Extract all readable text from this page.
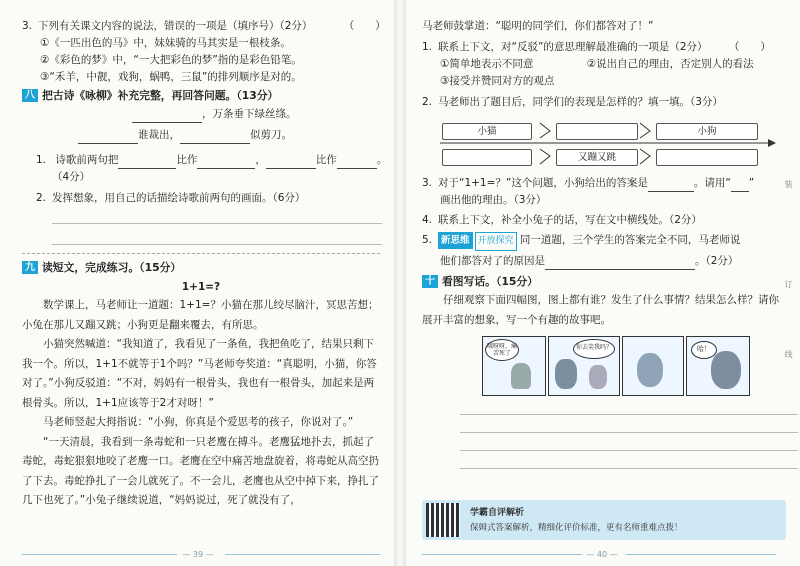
3. 下列有关课文内容的说法，错误的一项是（填序号）（2分）	（　　）
①《一匹出色的马》中，妹妹骑的马其实是一根枝条。
②《彩色的梦》中，“一大把彩色的梦”指的是彩色铅笔。
③“禾羊，中靓，戏狗，蜗鸭，三鼠”的排列顺序是对的。
八 把古诗《咏柳》补充完整，再回答问题。（13分）
，万条垂下绿丝绦。
谁裁出，	似剪刀。
1. 诗歌前两句把	比作	，	比作	。
（4分）
2. 发挥想象，用自己的话描绘诗歌前两句的画面。（6分）
九 读短文，完成练习。（15分）
1+1=?
数学课上，马老师让一道题：1+1=？小猫在那儿绞尽脑汁，冥思苦想；小兔在那儿又蹦又跳；小狗更是翻来覆去，有所思。
小猫突然喊道：“我知道了，我看见了一条鱼，我把鱼吃了，结果只剩下我一个。所以，1+1不就等于1个吗？”马老师夸奖道：“真聪明，小猫，你答对了。”小狗反驳道：“不对，妈妈有一根骨头，我也有一根骨头，加起来是两根骨头。所以，1+1应该等于2才对呀！”
马老师竖起大拇指说：“小狗，你真是个爱思考的孩子，你说对了。”
“一天清晨，我看到一条毒蛇和一只老鹰在搏斗。老鹰猛地扑去，抓起了毒蛇，毒蛇狠狠地咬了老鹰一口。老鹰在空中痛苦地盘旋着，将毒蛇从高空扔了下去。毒蛇挣扎了一会儿就死了。不一会儿，老鹰也从空中掉下来，挣扎了几下也死了。”小兔子继续说道，“妈妈说过，死了就没有了，
— 39 —
马老师鼓掌道：“聪明的同学们，你们都答对了！”
1. 联系上下文，对“反驳”的意思理解最准确的一项是（2分） （　　）
①简单地表示不同意	②说出自己的理由，否定别人的看法
③接受并赞同对方的观点
2. 马老师出了题目后，同学们的表现是怎样的？填一填。（3分）
小猫	小狗
又蹦又跳
3. 对于“1+1=？”这个问题，小狗给出的答案是	。请用“ ”
画出他的理由。（3分）
4. 联系上下文，补全小兔子的话，写在文中横线处。（2分）
5. 新思维 开放探究 同一道题，三个学生的答案完全不同，马老师说
他们都答对了的原因是	。（2分）
十 看图写话。（15分）
仔细观察下面四幅图，图上都有谁？发生了什么事情？结果怎么样？请你展开丰富的想象，写一个有趣的故事吧。
哦呀呀，痛苦死了
你去笑我吗？	哈！
学霸自评解析
保姆式答案解析，精细化评价标准，更有名师重难点拨！
装
订
线
— 40 —
